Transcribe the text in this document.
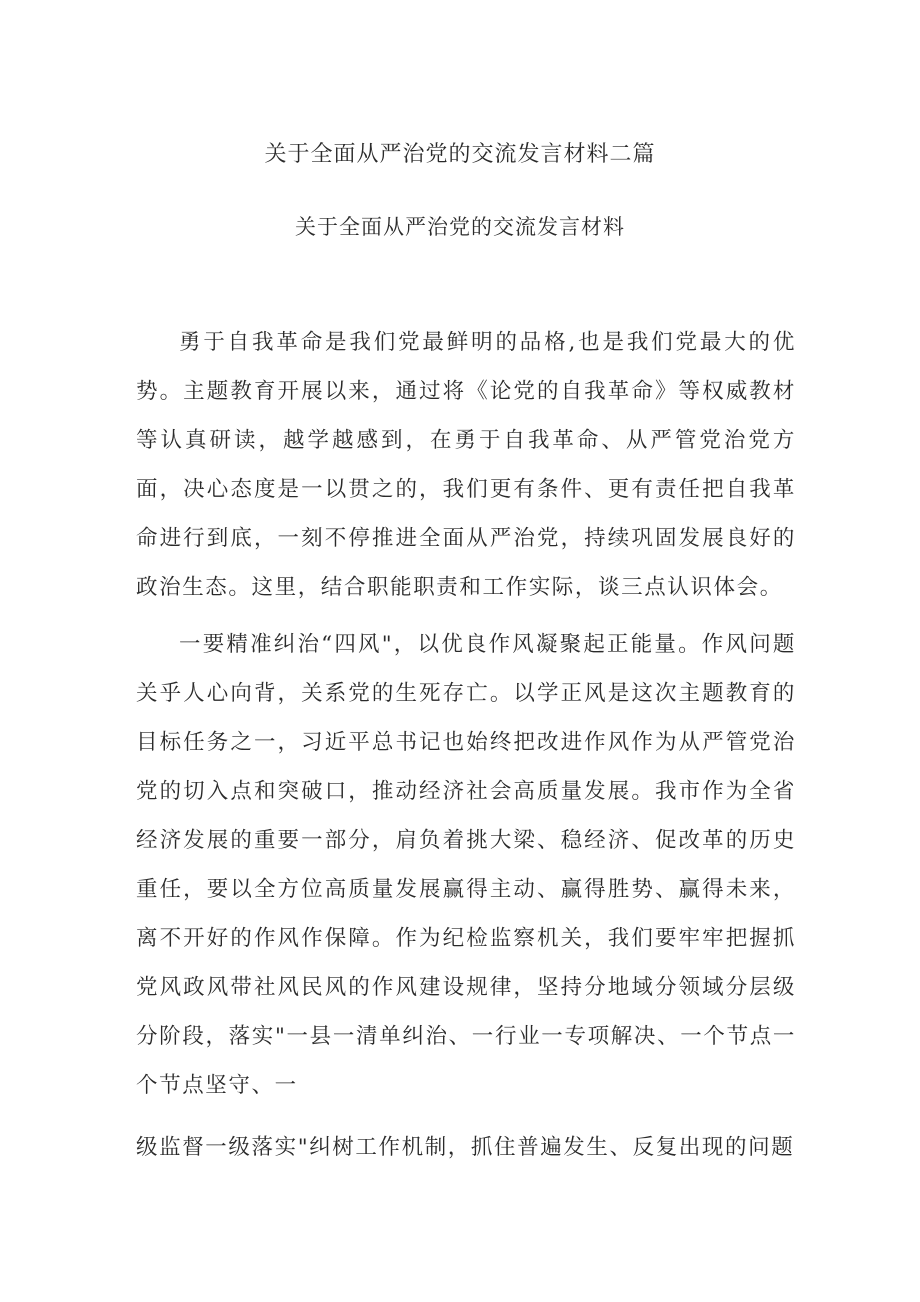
关于全面从严治党的交流发言材料二篇
关于全面从严治党的交流发言材料

勇于自我革命是我们党最鲜明的品格,也是我们党最大的优势。主题教育开展以来，通过将《论党的自我革命》等权威教材等认真研读，越学越感到，在勇于自我革命、从严管党治党方面，决心态度是一以贯之的，我们更有条件、更有责任把自我革命进行到底，一刻不停推进全面从严治党，持续巩固发展良好的政治生态。这里，结合职能职责和工作实际，谈三点认识体会。

一要精准纠治“四风"，以优良作风凝聚起正能量。作风问题关乎人心向背，关系党的生死存亡。以学正风是这次主题教育的目标任务之一，习近平总书记也始终把改进作风作为从严管党治党的切入点和突破口，推动经济社会高质量发展。我市作为全省经济发展的重要一部分，肩负着挑大梁、稳经济、促改革的历史重任，要以全方位高质量发展赢得主动、赢得胜势、赢得未来，离不开好的作风作保障。作为纪检监察机关，我们要牢牢把握抓党风政风带社风民风的作风建设规律，坚持分地域分领域分层级分阶段，落实"一县一清单纠治、一行业一专项解决、一个节点一个节点坚守、一

级监督一级落实"纠树工作机制，抓住普遍发生、反复出现的问题
